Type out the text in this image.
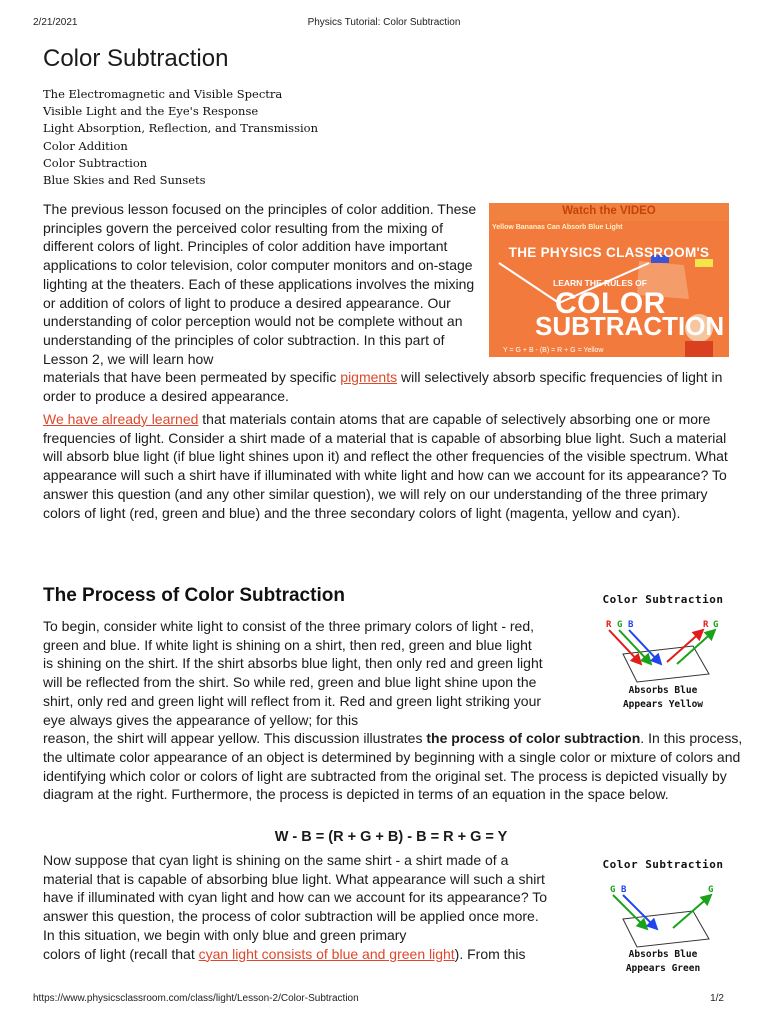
2/21/2021	Physics Tutorial: Color Subtraction
Color Subtraction
The Electromagnetic and Visible Spectra
Visible Light and the Eye's Response
Light Absorption, Reflection, and Transmission
Color Addition
Color Subtraction
Blue Skies and Red Sunsets
Watch the VIDEO
Yellow Bananas Can Absorb Blue Light
THE PHYSICS CLASSROOM'S
LEARN THE RULES OF
COLOR
SUBTRACTION
Y = G + B - (B) = R + G = Yellow
The previous lesson focused on the principles of color addition. These principles govern the perceived color resulting from the mixing of different colors of light. Principles of color addition have important applications to color television, color computer monitors and on-stage lighting at the theaters. Each of these applications involves the mixing or addition of colors of light to produce a desired appearance. Our understanding of color perception would not be complete without an understanding of the principles of color subtraction. In this part of Lesson 2, we will learn how
materials that have been permeated by specific pigments will selectively absorb specific frequencies of light in order to produce a desired appearance.
We have already learned that materials contain atoms that are capable of selectively absorbing one or more frequencies of light. Consider a shirt made of a material that is capable of absorbing blue light. Such a material will absorb blue light (if blue light shines upon it) and reflect the other frequencies of the visible spectrum. What appearance will such a shirt have if illuminated with white light and how can we account for its appearance? To answer this question (and any other similar question), we will rely on our understanding of the three primary colors of light (red, green and blue) and the three secondary colors of light (magenta, yellow and cyan).
The Process of Color Subtraction	Color Subtraction
R G B	R G
Absorbs Blue
Appears Yellow
To begin, consider white light to consist of the three primary colors of light - red, green and blue. If white light is shining on a shirt, then red, green and blue light is shining on the shirt. If the shirt absorbs blue light, then only red and green light will be reflected from the shirt. So while red, green and blue light shine upon the shirt, only red and green light will reflect from it. Red and green light striking your eye always gives the appearance of yellow; for this
reason, the shirt will appear yellow. This discussion illustrates the process of color subtraction. In this process, the ultimate color appearance of an object is determined by beginning with a single color or mixture of colors and identifying which color or colors of light are subtracted from the original set. The process is depicted visually by diagram at the right. Furthermore, the process is depicted in terms of an equation in the space below.
W - B = (R + G + B) - B = R + G = Y
Now suppose that cyan light is shining on the same shirt - a shirt made of a material that is capable of absorbing blue light. What appearance will such a shirt have if illuminated with cyan light and how can we account for its appearance? To answer this question, the process of color subtraction will be applied once more. In this situation, we begin with only blue and green primary
colors of light (recall that cyan light consists of blue and green light). From this
Color Subtraction
G B	G
Absorbs Blue
Appears Green
https://www.physicsclassroom.com/class/light/Lesson-2/Color-Subtraction	1/2
